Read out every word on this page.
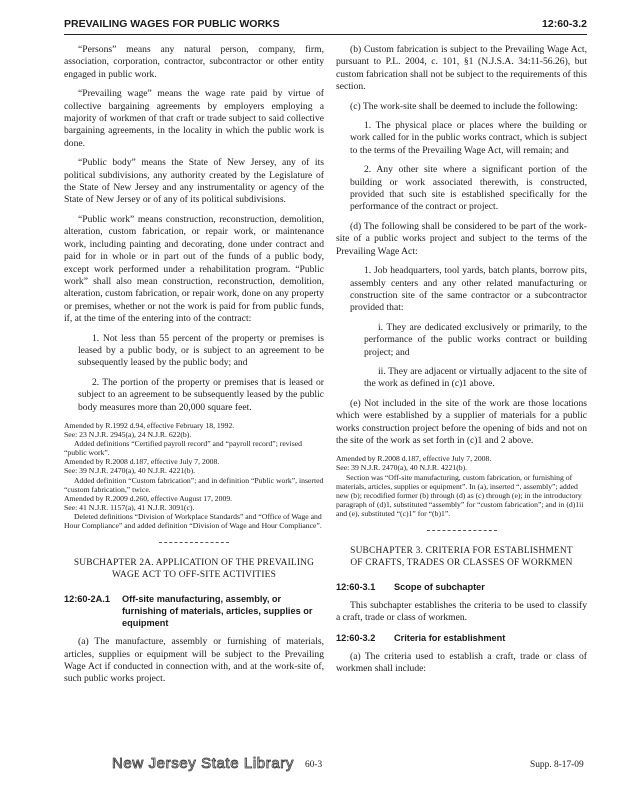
PREVAILING WAGES FOR PUBLIC WORKS	12:60-3.2

“Persons” means any natural person, company, firm, association, corporation, contractor, subcontractor or other entity engaged in public work.

“Prevailing wage” means the wage rate paid by virtue of collective bargaining agreements by employers employing a majority of workmen of that craft or trade subject to said collective bargaining agreements, in the locality in which the public work is done.

“Public body” means the State of New Jersey, any of its political subdivisions, any authority created by the Legislature of the State of New Jersey and any instrumentality or agency of the State of New Jersey or of any of its political subdivisions.

“Public work” means construction, reconstruction, demolition, alteration, custom fabrication, or repair work, or maintenance work, including painting and decorating, done under contract and paid for in whole or in part out of the funds of a public body, except work performed under a rehabilitation program. “Public work” shall also mean construction, reconstruction, demolition, alteration, custom fabrication, or repair work, done on any property or premises, whether or not the work is paid for from public funds, if, at the time of the entering into of the contract:

1. Not less than 55 percent of the property or premises is leased by a public body, or is subject to an agreement to be subsequently leased by the public body; and

2. The portion of the property or premises that is leased or subject to an agreement to be subsequently leased by the public body measures more than 20,000 square feet.

Amended by R.1992 d.94, effective February 18, 1992.
See: 23 N.J.R. 2945(a), 24 N.J.R. 622(b).
Added definitions “Certified payroll record” and “payroll record”; revised “public work”.
Amended by R.2008 d.187, effective July 7, 2008.
See: 39 N.J.R. 2470(a), 40 N.J.R. 4221(b).
Added definition “Custom fabrication”; and in definition “Public work”, inserted “custom fabrication,” twice.
Amended by R.2009 d.260, effective August 17, 2009.
See: 41 N.J.R. 1157(a), 41 N.J.R. 3091(c).
Deleted definitions “Division of Workplace Standards” and “Office of Wage and Hour Compliance” and added definition “Division of Wage and Hour Compliance”.
SUBCHAPTER 2A. APPLICATION OF THE PREVAILING WAGE ACT TO OFF-SITE ACTIVITIES
12:60-2A.1	Off-site manufacturing, assembly, or furnishing of materials, articles, supplies or equipment

(a) The manufacture, assembly or furnishing of materials, articles, supplies or equipment will be subject to the Prevailing Wage Act if conducted in connection with, and at the work-site of, such public works project.

(b) Custom fabrication is subject to the Prevailing Wage Act, pursuant to P.L. 2004, c. 101, §1 (N.J.S.A. 34:11-56.26), but custom fabrication shall not be subject to the requirements of this section.

(c) The work-site shall be deemed to include the following:

1. The physical place or places where the building or work called for in the public works contract, which is subject to the terms of the Prevailing Wage Act, will remain; and

2. Any other site where a significant portion of the building or work associated therewith, is constructed, provided that such site is established specifically for the performance of the contract or project.

(d) The following shall be considered to be part of the work-site of a public works project and subject to the terms of the Prevailing Wage Act:

1. Job headquarters, tool yards, batch plants, borrow pits, assembly centers and any other related manufacturing or construction site of the same contractor or a subcontractor provided that:

i. They are dedicated exclusively or primarily, to the performance of the public works contract or building project; and

ii. They are adjacent or virtually adjacent to the site of the work as defined in (c)1 above.

(e) Not included in the site of the work are those locations which were established by a supplier of materials for a public works construction project before the opening of bids and not on the site of the work as set forth in (c)1 and 2 above.

Amended by R.2008 d.187, effective July 7, 2008.
See: 39 N.J.R. 2470(a), 40 N.J.R. 4221(b).
Section was “Off-site manufacturing, custom fabrication, or furnishing of materials, articles, supplies or equipment”. In (a), inserted “, assembly”; added new (b); recodified former (b) through (d) as (c) through (e); in the introductory paragraph of (d)1, substituted “assembly” for “custom fabrication”; and in (d)1ii and (e), substituted “(c)1” for “(b)1”.
SUBCHAPTER 3. CRITERIA FOR ESTABLISHMENT OF CRAFTS, TRADES OR CLASSES OF WORKMEN
12:60-3.1	Scope of subchapter

This subchapter establishes the criteria to be used to classify a craft, trade or class of workmen.

12:60-3.2	Criteria for establishment

(a) The criteria used to establish a craft, trade or class of workmen shall include:

New Jersey State Library 60-3	Supp. 8-17-09
